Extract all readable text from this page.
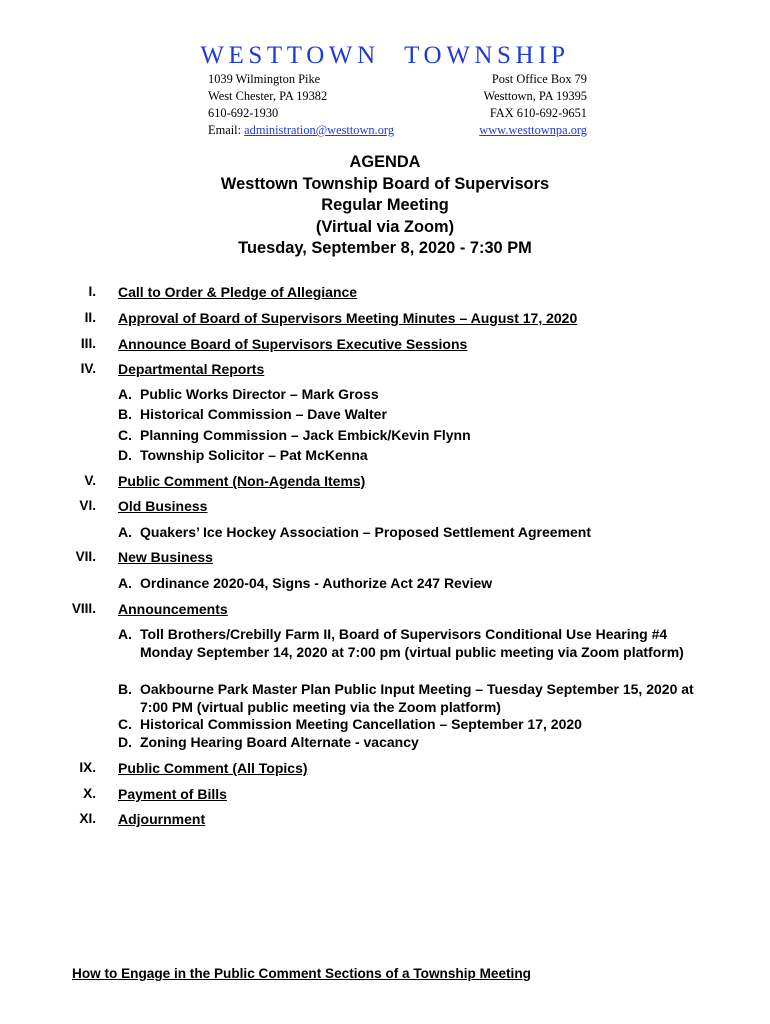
WESTTOWN TOWNSHIP
1039 Wilmington Pike
West Chester, PA 19382
610-692-1930
Email: administration@westtown.org
Post Office Box 79
Westtown, PA 19395
FAX 610-692-9651
www.westtownpa.org
AGENDA
Westtown Township Board of Supervisors
Regular Meeting
(Virtual via Zoom)
Tuesday, September 8, 2020 - 7:30 PM
I. Call to Order & Pledge of Allegiance
II. Approval of Board of Supervisors Meeting Minutes – August 17, 2020
III. Announce Board of Supervisors Executive Sessions
IV. Departmental Reports
A. Public Works Director – Mark Gross
B. Historical Commission – Dave Walter
C. Planning Commission – Jack Embick/Kevin Flynn
D. Township Solicitor – Pat McKenna
V. Public Comment (Non-Agenda Items)
VI. Old Business
A. Quakers’ Ice Hockey Association – Proposed Settlement Agreement
VII. New Business
A. Ordinance 2020-04, Signs - Authorize Act 247 Review
VIII. Announcements
A. Toll Brothers/Crebilly Farm II, Board of Supervisors Conditional Use Hearing #4 Monday September 14, 2020 at 7:00 pm (virtual public meeting via Zoom platform)
B. Oakbourne Park Master Plan Public Input Meeting – Tuesday September 15, 2020 at 7:00 PM (virtual public meeting via the Zoom platform)
C. Historical Commission Meeting Cancellation – September 17, 2020
D. Zoning Hearing Board Alternate - vacancy
IX. Public Comment (All Topics)
X. Payment of Bills
XI. Adjournment
How to Engage in the Public Comment Sections of a Township Meeting
